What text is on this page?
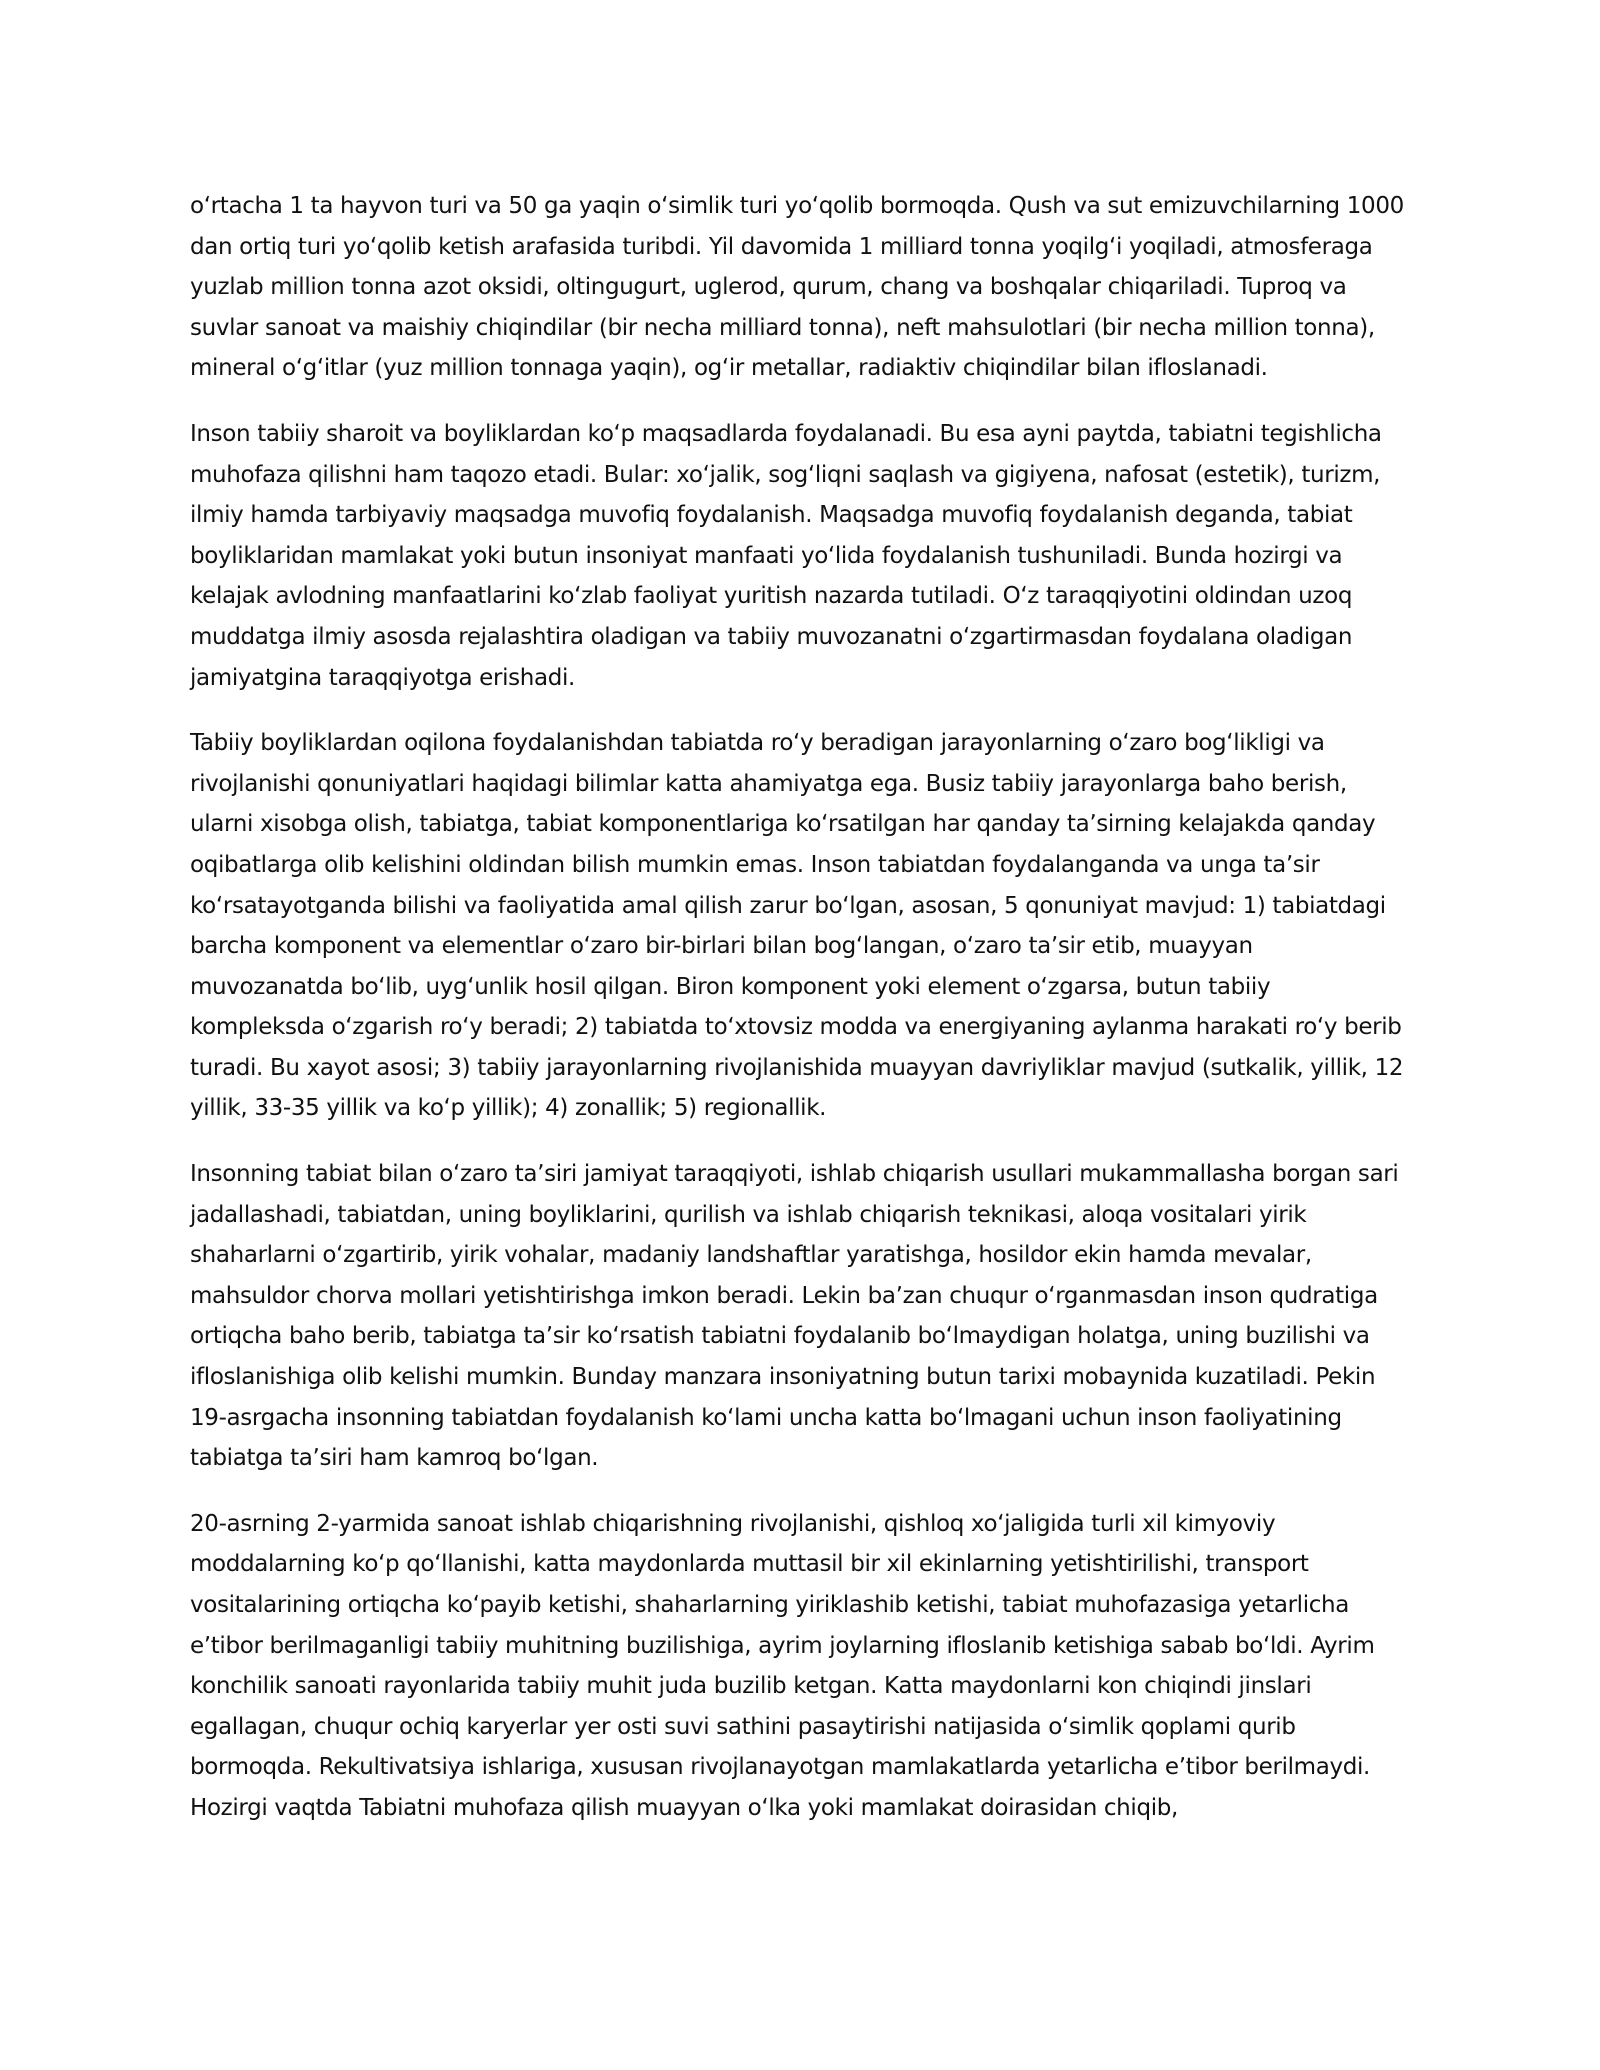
oʻrtacha 1 ta hayvon turi va 50 ga yaqin oʻsimlik turi yoʻqolib bormoqda. Qush va sut emizuvchilarning 1000 dan ortiq turi yoʻqolib ketish arafasida turibdi. Yil davomida 1 milliard tonna yoqilgʻi yoqiladi, atmosferaga yuzlab million tonna azot oksidi, oltingugurt, uglerod, qurum, chang va boshqalar chiqariladi. Tuproq va suvlar sanoat va maishiy chiqindilar (bir necha milliard tonna), neft mahsulotlari (bir necha million tonna), mineral oʻgʻitlar (yuz million tonnaga yaqin), ogʻir metallar, radiaktiv chiqindilar bilan ifloslanadi.

Inson tabiiy sharoit va boyliklardan koʻp maqsadlarda foydalanadi. Bu esa ayni paytda, tabiatni tegishlicha muhofaza qilishni ham taqozo etadi. Bular: xoʻjalik, sogʻliqni saqlash va gigiyena, nafosat (estetik), turizm, ilmiy hamda tarbiyaviy maqsadga muvofiq foydalanish. Maqsadga muvofiq foydalanish deganda, tabiat boyliklaridan mamlakat yoki butun insoniyat manfaati yoʻlida foydalanish tushuniladi. Bunda hozirgi va kelajak avlodning manfaatlarini koʻzlab faoliyat yuritish nazarda tutiladi. Oʻz taraqqiyotini oldindan uzoq muddatga ilmiy asosda rejalashtira oladigan va tabiiy muvozanatni oʻzgartirmasdan foydalana oladigan jamiyatgina taraqqiyotga erishadi.

Tabiiy boyliklardan oqilona foydalanishdan tabiatda roʻy beradigan jarayonlarning oʻzaro bogʻlikligi va rivojlanishi qonuniyatlari haqidagi bilimlar katta ahamiyatga ega. Busiz tabiiy jarayonlarga baho berish, ularni xisobga olish, tabiatga, tabiat komponentlariga koʻrsatilgan har qanday taʼsirning kelajakda qanday oqibatlarga olib kelishini oldindan bilish mumkin emas. Inson tabiatdan foydalanganda va unga taʼsir koʻrsatayotganda bilishi va faoliyatida amal qilish zarur boʻlgan, asosan, 5 qonuniyat mavjud: 1) tabiatdagi barcha komponent va elementlar oʻzaro bir-birlari bilan bogʻlangan, oʻzaro taʼsir etib, muayyan muvozanatda boʻlib, uygʻunlik hosil qilgan. Biron komponent yoki element oʻzgarsa, butun tabiiy kompleksda oʻzgarish roʻy beradi; 2) tabiatda toʻxtovsiz modda va energiyaning aylanma harakati roʻy berib turadi. Bu xayot asosi; 3) tabiiy jarayonlarning rivojlanishida muayyan davriyliklar mavjud (sutkalik, yillik, 12 yillik, 33-35 yillik va koʻp yillik); 4) zonallik; 5) regionallik.

Insonning tabiat bilan oʻzaro taʼsiri jamiyat taraqqiyoti, ishlab chiqarish usullari mukammallasha borgan sari jadallashadi, tabiatdan, uning boyliklarini, qurilish va ishlab chiqarish teknikasi, aloqa vositalari yirik shaharlarni oʻzgartirib, yirik vohalar, madaniy landshaftlar yaratishga, hosildor ekin hamda mevalar, mahsuldor chorva mollari yetishtirishga imkon beradi. Lekin baʼzan chuqur oʻrganmasdan inson qudratiga ortiqcha baho berib, tabiatga taʼsir koʻrsatish tabiatni foydalanib boʻlmaydigan holatga, uning buzilishi va ifloslanishiga olib kelishi mumkin. Bunday manzara insoniyatning butun tarixi mobaynida kuzatiladi. Pekin 19-asrgacha insonning tabiatdan foydalanish koʻlami uncha katta boʻlmagani uchun inson faoliyatining tabiatga taʼsiri ham kamroq boʻlgan.

20-asrning 2-yarmida sanoat ishlab chiqarishning rivojlanishi, qishloq xoʻjaligida turli xil kimyoviy moddalarning koʻp qoʻllanishi, katta maydonlarda muttasil bir xil ekinlarning yetishtirilishi, transport vositalarining ortiqcha koʻpayib ketishi, shaharlarning yiriklashib ketishi, tabiat muhofazasiga yetarlicha eʼtibor berilmaganligi tabiiy muhitning buzilishiga, ayrim joylarning ifloslanib ketishiga sabab boʻldi. Ayrim konchilik sanoati rayonlarida tabiiy muhit juda buzilib ketgan. Katta maydonlarni kon chiqindi jinslari egallagan, chuqur ochiq karyerlar yer osti suvi sathini pasaytirishi natijasida oʻsimlik qoplami qurib bormoqda. Rekultivatsiya ishlariga, xususan rivojlanayotgan mamlakatlarda yetarlicha eʼtibor berilmaydi. Hozirgi vaqtda Tabiatni muhofaza qilish muayyan oʻlka yoki mamlakat doirasidan chiqib,
